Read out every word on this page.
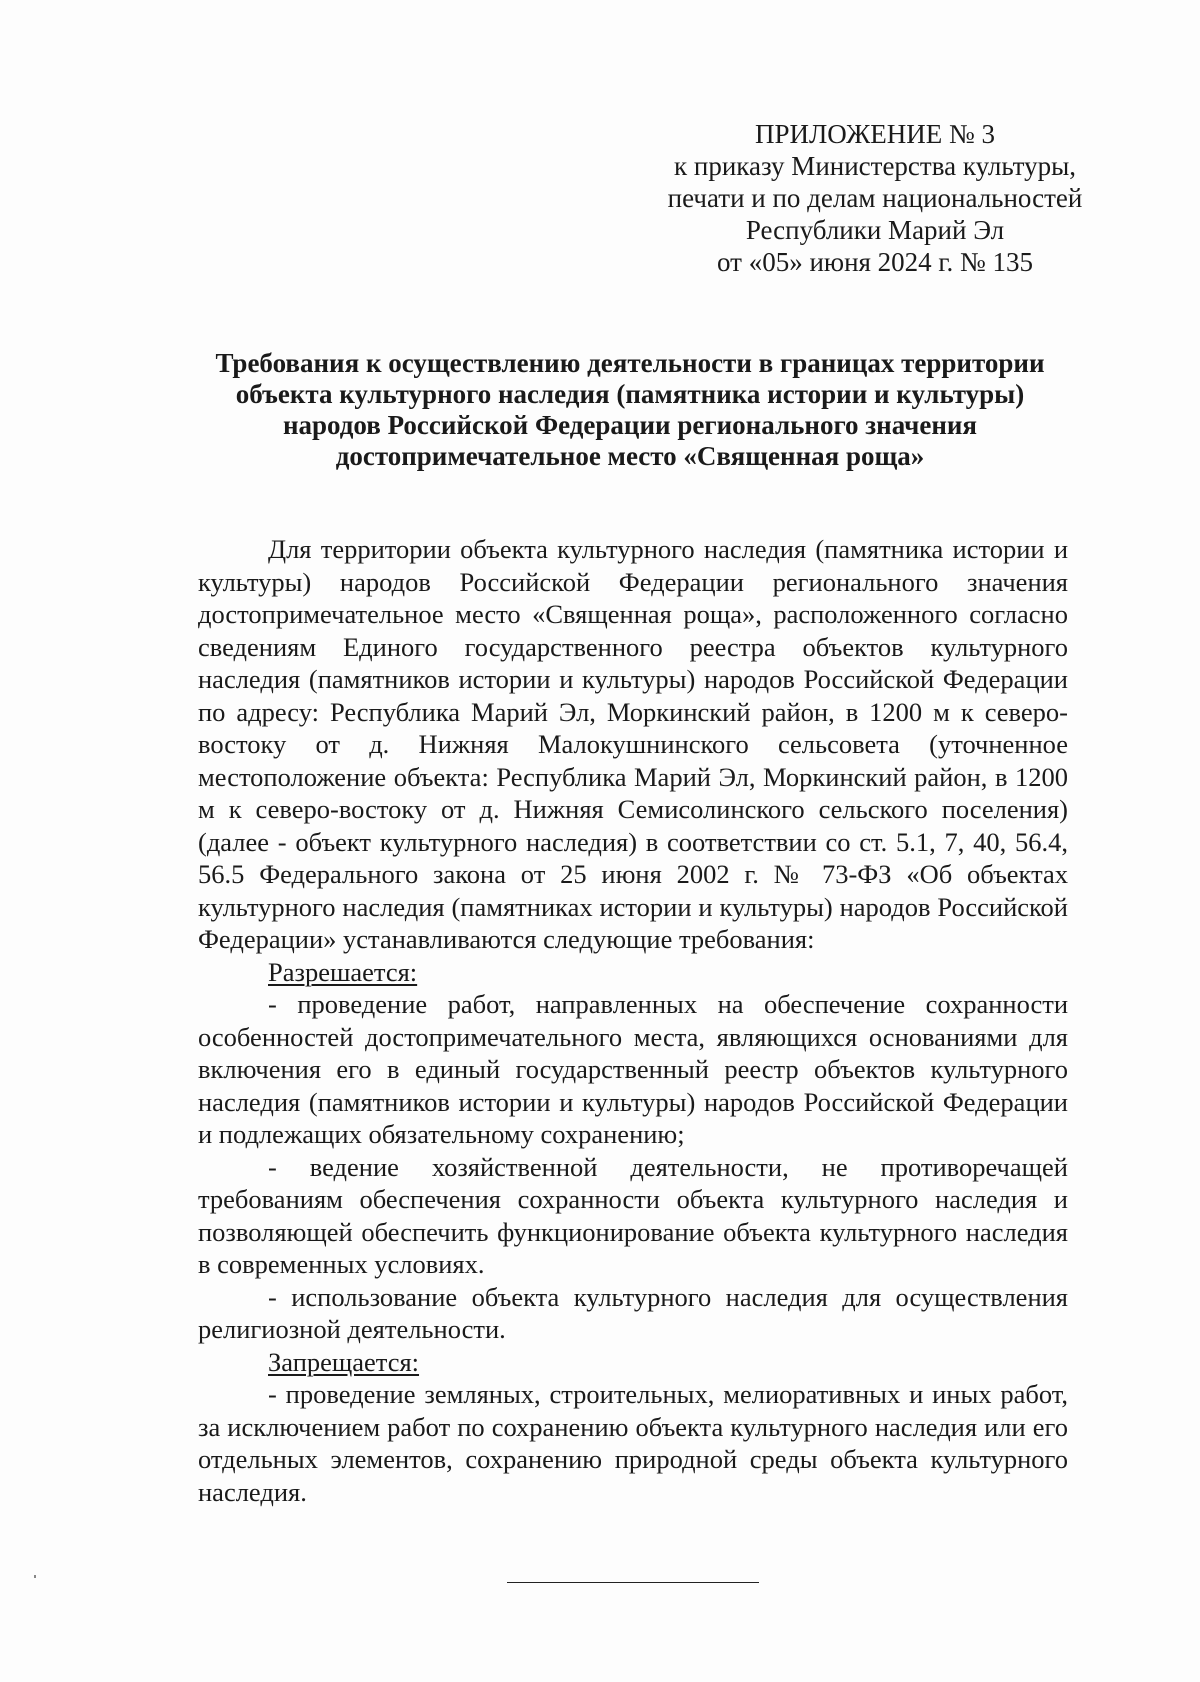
ПРИЛОЖЕНИЕ № 3
к приказу Министерства культуры,
печати и по делам национальностей
Республики Марий Эл
от «05» июня 2024 г. № 135
Требования к осуществлению деятельности в границах территории
объекта культурного наследия (памятника истории и культуры)
народов Российской Федерации регионального значения
достопримечательное место «Священная роща»

Для территории объекта культурного наследия (памятника истории и культуры) народов Российской Федерации регионального значения достопримечательное место «Священная роща», расположенного согласно сведениям Единого государственного реестра объектов культурного наследия (памятников истории и культуры) народов Российской Федерации по адресу: Республика Марий Эл, Моркинский район, в 1200 м к северо-востоку от д. Нижняя Малокушнинского сельсовета (уточненное местоположение объекта: Республика Марий Эл, Моркинский район, в 1200 м к северо-востоку от д. Нижняя Семисолинского сельского поселения) (далее - объект культурного наследия) в соответствии со ст. 5.1, 7, 40, 56.4, 56.5 Федерального закона от 25 июня 2002 г. № 73-ФЗ «Об объектах культурного наследия (памятниках истории и культуры) народов Российской Федерации» устанавливаются следующие требования:

Разрешается:

- проведение работ, направленных на обеспечение сохранности особенностей достопримечательного места, являющихся основаниями для включения его в единый государственный реестр объектов культурного наследия (памятников истории и культуры) народов Российской Федерации и подлежащих обязательному сохранению;

- ведение хозяйственной деятельности, не противоречащей требованиям обеспечения сохранности объекта культурного наследия и позволяющей обеспечить функционирование объекта культурного наследия в современных условиях.

- использование объекта культурного наследия для осуществления религиозной деятельности.

Запрещается:

- проведение земляных, строительных, мелиоративных и иных работ, за исключением работ по сохранению объекта культурного наследия или его отдельных элементов, сохранению природной среды объекта культурного наследия.
